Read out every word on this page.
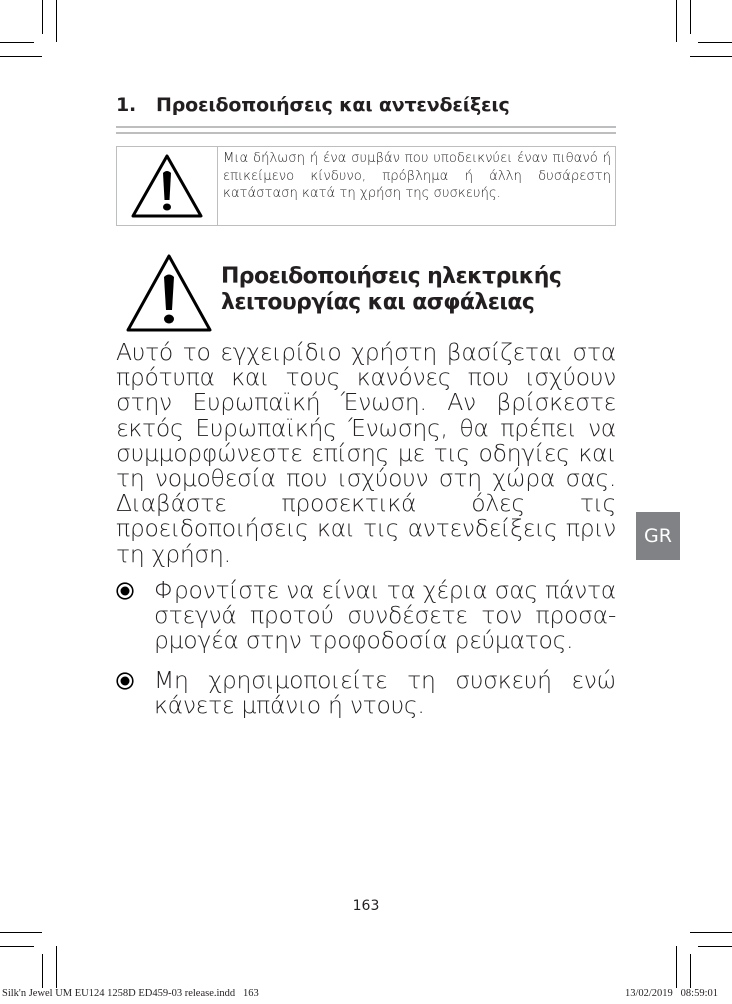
1. Προειδοποιήσεις και αντενδείξεις
Μια δήλωση ή ένα συμβάν που υποδεικνύει έναν πιθανό ή επικείμενο κίνδυνο, πρόβλημα ή άλλη δυσάρεστη κατάσταση κατά τη χρήση της συσκευής.
Προειδοποιήσεις ηλεκτρικής
λειτουργίας και ασφάλειας
Αυτό το εγχειρίδιο χρήστη βασίζεται στα πρότυπα και τους κανόνες που ισχύουν στην Ευρωπαϊκή Ένωση. Αν βρίσκεστε εκτός Ευρωπαϊκής Ένωσης, θα πρέπει να συμμορφώνεστε επίσης με τις οδηγίες και τη νομοθεσία που ισχύουν στη χώρα σας. Διαβάστε προσεκτικά όλες τις προειδοποιήσεις και τις αντενδείξεις πριν τη χρήση.
Φροντίστε να είναι τα χέρια σας πάντα στεγνά προτού συνδέσετε τον προσα-ρμογέα στην τροφοδοσία ρεύματος.
Μη χρησιμοποιείτε τη συσκευή ενώ κάνετε μπάνιο ή ντους.
GR
163
Silk'n Jewel UM EU124 1258D ED459-03 release.indd   163	13/02/2019   08:59:01
